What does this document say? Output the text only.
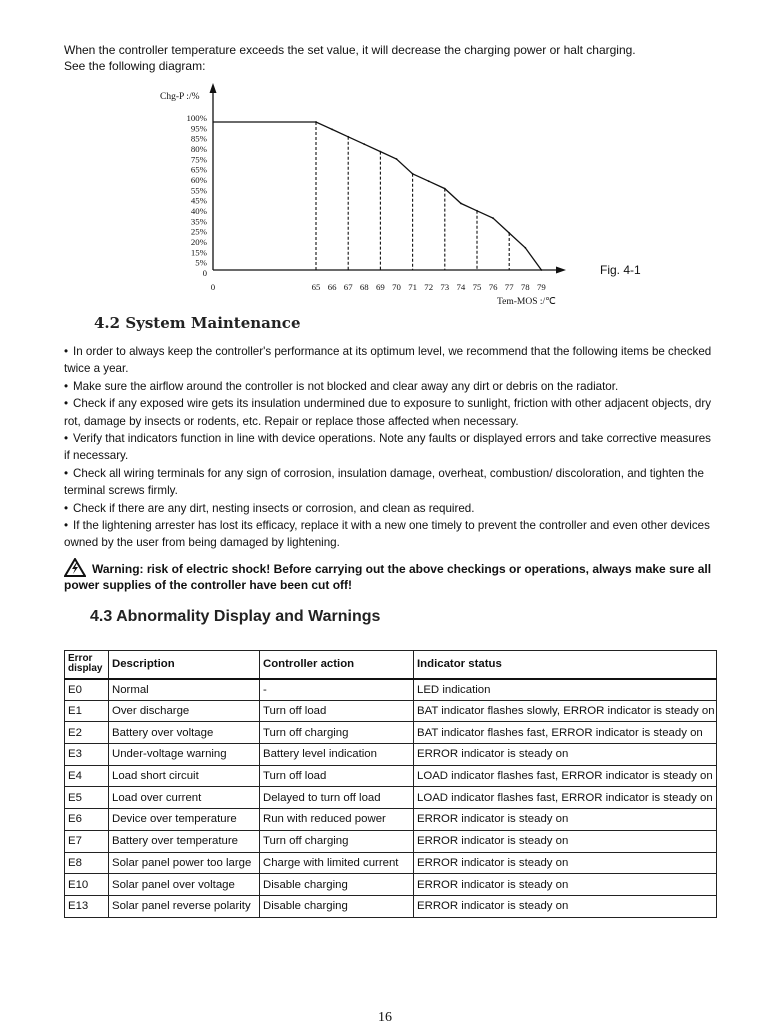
When the controller temperature exceeds the set value, it will decrease the charging power or halt charging.
See the following diagram:
Chg-P :/%
Tem-MOS :/℃
100%
95%
85%
80%
75%
65%
60%
55%
45%
40%
35%
25%
20%
15%
5%
0
0	65 66 67 68 69 70 71 72 73 74 75 76 77 78 79
Fig. 4-1
4.2 System Maintenance
• In order to always keep the controller's performance at its optimum level, we recommend that the following items be checked twice a year.
• Make sure the airflow around the controller is not blocked and clear away any dirt or debris on the radiator.
• Check if any exposed wire gets its insulation undermined due to exposure to sunlight, friction with other adjacent objects, dry rot, damage by insects or rodents, etc. Repair or replace those affected when necessary.
• Verify that indicators function in line with device operations. Note any faults or displayed errors and take corrective measures if necessary.
• Check all wiring terminals for any sign of corrosion, insulation damage, overheat, combustion/ discoloration, and tighten the terminal screws firmly.
• Check if there are any dirt, nesting insects or corrosion, and clean as required.
• If the lightening arrester has lost its efficacy, replace it with a new one timely to prevent the controller and even other devices owned by the user from being damaged by lightening.
Warning: risk of electric shock! Before carrying out the above checkings or operations, always make sure all power supplies of the controller have been cut off!
4.3 Abnormality Display and Warnings
Error display	Description	Controller action	Indicator status
E0	Normal	-	LED indication
E1	Over discharge	Turn off load	BAT indicator flashes slowly, ERROR indicator is steady on
E2	Battery over voltage	Turn off charging	BAT indicator flashes fast, ERROR indicator is steady on
E3	Under-voltage warning	Battery level indication	ERROR indicator is steady on
E4	Load short circuit	Turn off load	LOAD indicator flashes fast, ERROR indicator is steady on
E5	Load over current	Delayed to turn off load	LOAD indicator flashes fast, ERROR indicator is steady on
E6	Device over temperature	Run with reduced power	ERROR indicator is steady on
E7	Battery over temperature	Turn off charging	ERROR indicator is steady on
E8	Solar panel power too large	Charge with limited current	ERROR indicator is steady on
E10	Solar panel over voltage	Disable charging	ERROR indicator is steady on
E13	Solar panel reverse polarity	Disable charging	ERROR indicator is steady on
16
